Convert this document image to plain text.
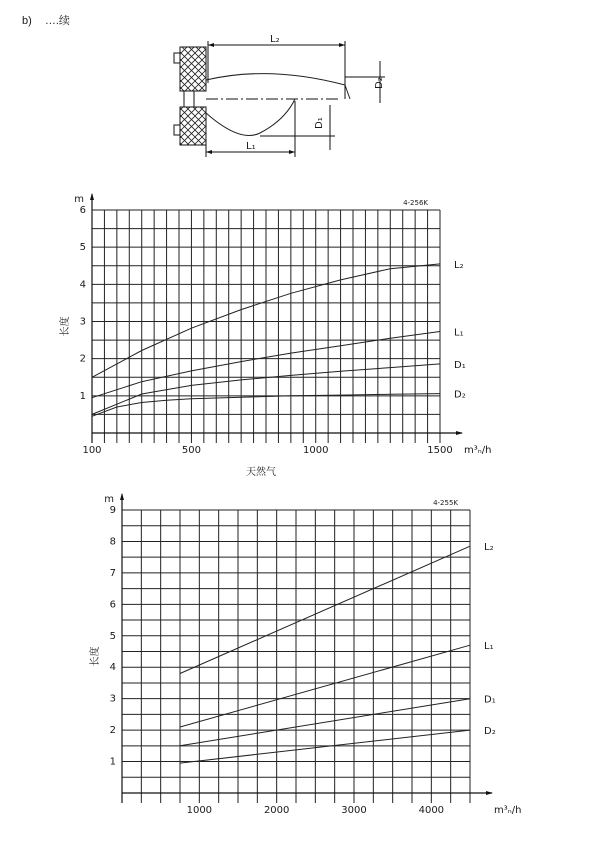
b) ….续
L₂
D₂
D₁
L₁
1
2
3
4
5
6
100	500	1000	1500
m	4-256K
长度
m³ₙ/h
天然气
L₂
L₁
D₁
D₂
1
2
3
4
5
6
7
8
9
1000	2000	3000	4000
m	4-255K
长度
m³ₙ/h
L₂
L₁
D₁
D₂
